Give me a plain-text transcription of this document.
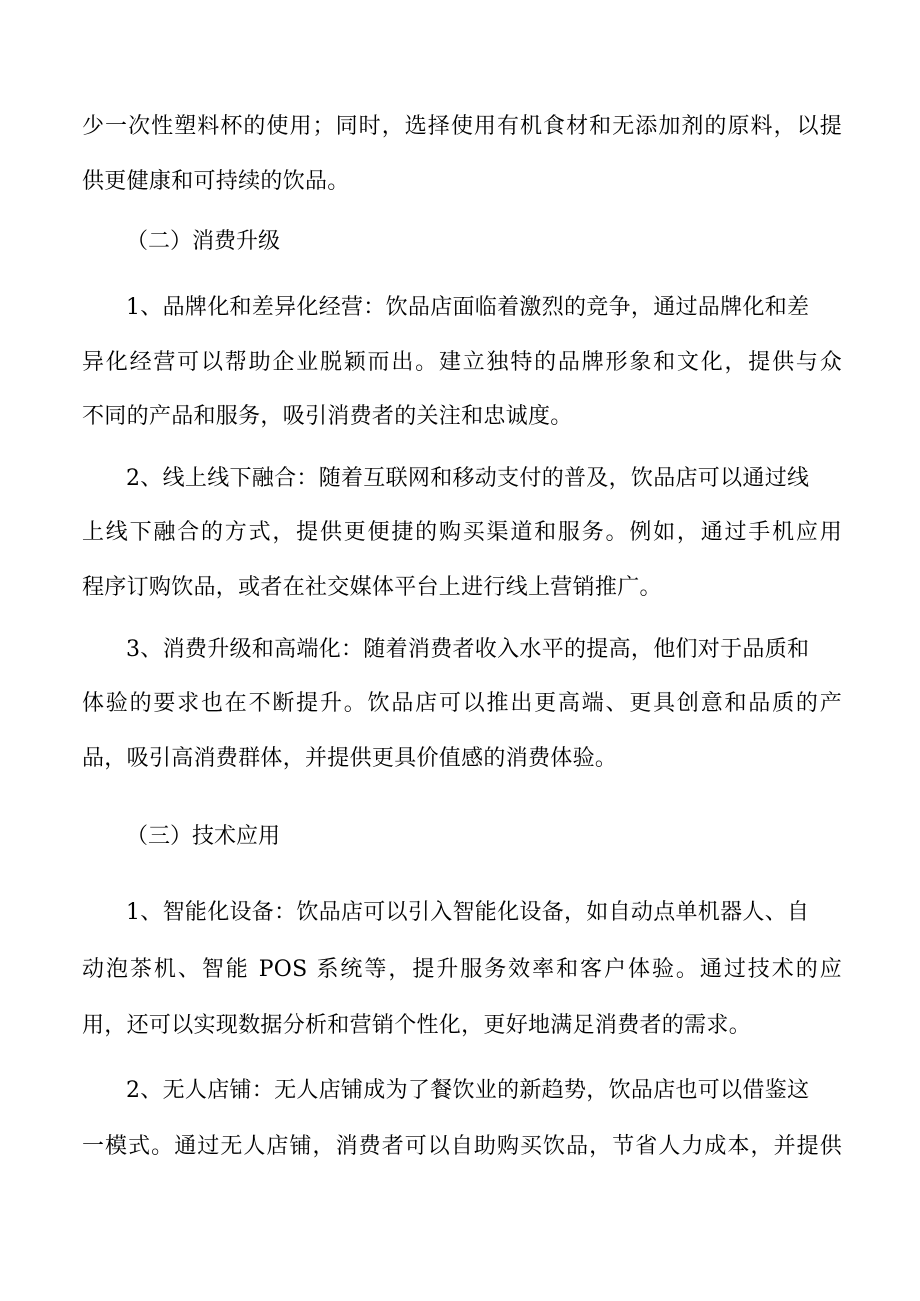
少一次性塑料杯的使用；同时，选择使用有机食材和无添加剂的原料，以提
供更健康和可持续的饮品。
（二）消费升级
1、品牌化和差异化经营：饮品店面临着激烈的竞争，通过品牌化和差
异化经营可以帮助企业脱颖而出。建立独特的品牌形象和文化，提供与众
不同的产品和服务，吸引消费者的关注和忠诚度。
2、线上线下融合：随着互联网和移动支付的普及，饮品店可以通过线
上线下融合的方式，提供更便捷的购买渠道和服务。例如，通过手机应用
程序订购饮品，或者在社交媒体平台上进行线上营销推广。
3、消费升级和高端化：随着消费者收入水平的提高，他们对于品质和
体验的要求也在不断提升。饮品店可以推出更高端、更具创意和品质的产
品，吸引高消费群体，并提供更具价值感的消费体验。
（三）技术应用
1、智能化设备：饮品店可以引入智能化设备，如自动点单机器人、自
动泡茶机、智能 POS 系统等，提升服务效率和客户体验。通过技术的应
用，还可以实现数据分析和营销个性化，更好地满足消费者的需求。
2、无人店铺：无人店铺成为了餐饮业的新趋势，饮品店也可以借鉴这
一模式。通过无人店铺，消费者可以自助购买饮品，节省人力成本，并提供
